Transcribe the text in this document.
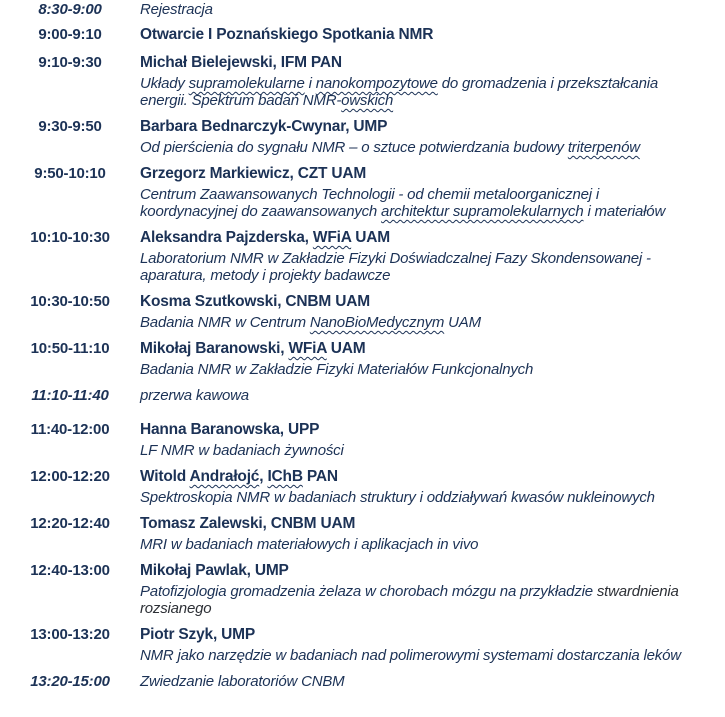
8:30-9:00	Rejestracja
9:00-9:10	Otwarcie I Poznańskiego Spotkania NMR
9:10-9:30	Michał Bielejewski, IFM PAN
Układy supramolekularne i nanokompozytowe do gromadzenia i przekształcania
energii. Spektrum badań NMR-owskich
9:30-9:50	Barbara Bednarczyk-Cwynar, UMP
Od pierścienia do sygnału NMR – o sztuce potwierdzania budowy triterpenów
9:50-10:10	Grzegorz Markiewicz, CZT UAM
Centrum Zaawansowanych Technologii - od chemii metaloorganicznej i
koordynacyjnej do zaawansowanych architektur supramolekularnych i materiałów
10:10-10:30	Aleksandra Pajzderska, WFiA UAM
Laboratorium NMR w Zakładzie Fizyki Doświadczalnej Fazy Skondensowanej -
aparatura, metody i projekty badawcze
10:30-10:50	Kosma Szutkowski, CNBM UAM
Badania NMR w Centrum NanoBioMedycznym UAM
10:50-11:10	Mikołaj Baranowski, WFiA UAM
Badania NMR w Zakładzie Fizyki Materiałów Funkcjonalnych
11:10-11:40	przerwa kawowa
11:40-12:00	Hanna Baranowska, UPP
LF NMR w badaniach żywności
12:00-12:20	Witold Andrałojć, IChB PAN
Spektroskopia NMR w badaniach struktury i oddziaływań kwasów nukleinowych
12:20-12:40	Tomasz Zalewski, CNBM UAM
MRI w badaniach materiałowych i aplikacjach in vivo
12:40-13:00	Mikołaj Pawlak, UMP
Patofizjologia gromadzenia żelaza w chorobach mózgu na przykładzie stwardnienia
rozsianego
13:00-13:20	Piotr Szyk, UMP
NMR jako narzędzie w badaniach nad polimerowymi systemami dostarczania leków
13:20-15:00	Zwiedzanie laboratoriów CNBM
